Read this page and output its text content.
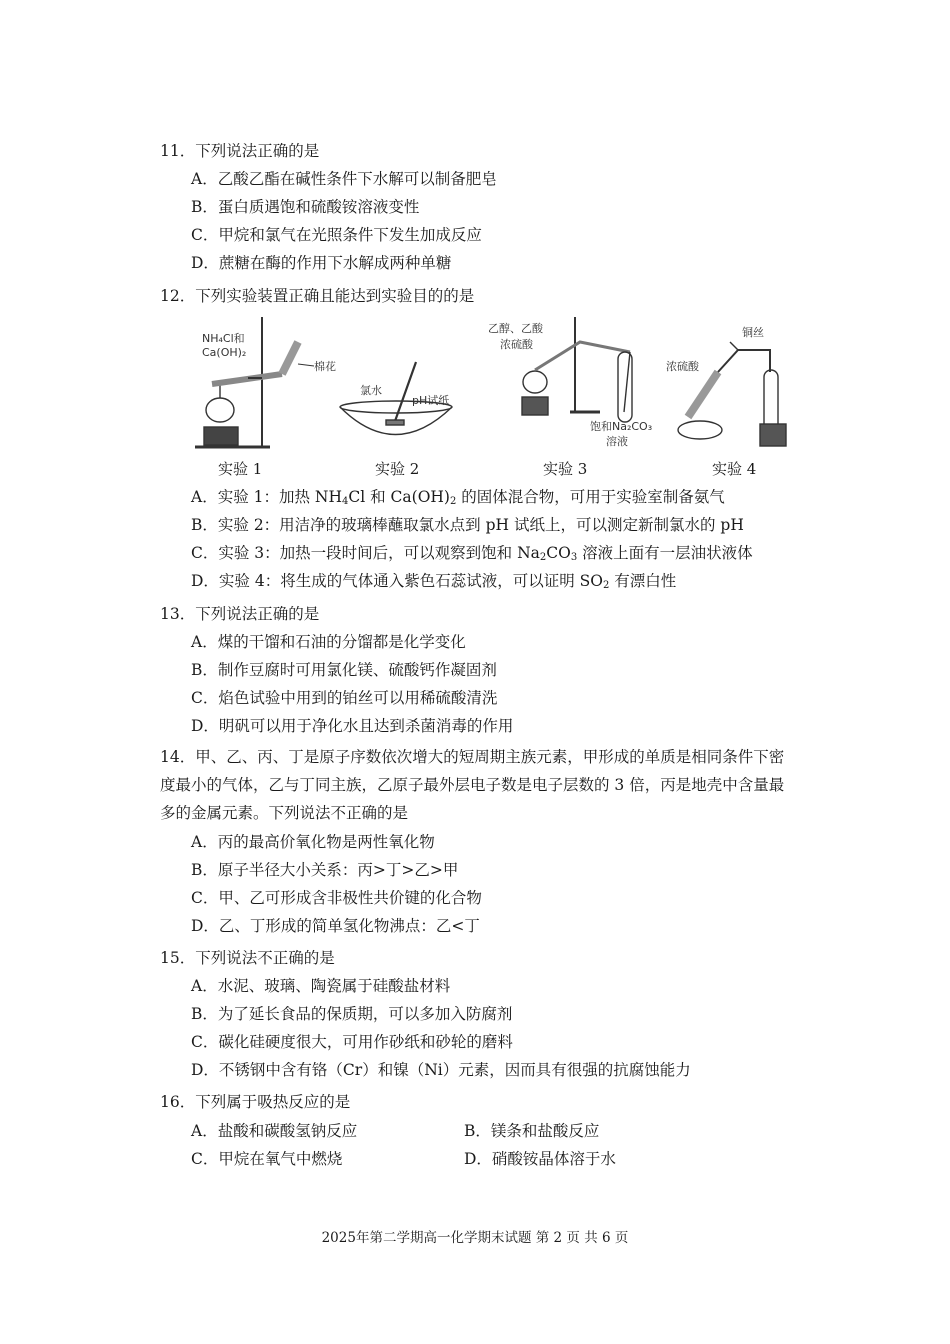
11．下列说法正确的是
A．乙酸乙酯在碱性条件下水解可以制备肥皂
B．蛋白质遇饱和硫酸铵溶液变性
C．甲烷和氯气在光照条件下发生加成反应
D．蔗糖在酶的作用下水解成两种单糖
12．下列实验装置正确且能达到实验目的的是
NH₄Cl和
Ca(OH)₂
棉花
氯水
pH试纸
乙醇、乙酸
浓硫酸
饱和Na₂CO₃
溶液
浓硫酸
铜丝
实验 1	实验 2	实验 3	实验 4
A．实验 1：加热 $NH_4Cl$ 和 $Ca(OH)_2$ 的固体混合物，可用于实验室制备氨气
B．实验 2：用洁净的玻璃棒蘸取氯水点到 pH 试纸上，可以测定新制氯水的 pH
C．实验 3：加热一段时间后，可以观察到饱和 $Na_2CO_3$ 溶液上面有一层油状液体
D．实验 4：将生成的气体通入紫色石蕊试液，可以证明 $SO_2$ 有漂白性
13．下列说法正确的是
A．煤的干馏和石油的分馏都是化学变化
B．制作豆腐时可用氯化镁、硫酸钙作凝固剂
C．焰色试验中用到的铂丝可以用稀硫酸清洗
D．明矾可以用于净化水且达到杀菌消毒的作用
14．甲、乙、丙、丁是原子序数依次增大的短周期主族元素，甲形成的单质是相同条件下密
度最小的气体，乙与丁同主族，乙原子最外层电子数是电子层数的 3 倍，丙是地壳中含量最
多的金属元素。下列说法不正确的是
A．丙的最高价氧化物是两性氧化物
B．原子半径大小关系：丙>丁>乙>甲
C．甲、乙可形成含非极性共价键的化合物
D．乙、丁形成的简单氢化物沸点：乙<丁
15．下列说法不正确的是
A．水泥、玻璃、陶瓷属于硅酸盐材料
B．为了延长食品的保质期，可以多加入防腐剂
C．碳化硅硬度很大，可用作砂纸和砂轮的磨料
D．不锈钢中含有铬（Cr）和镍（Ni）元素，因而具有很强的抗腐蚀能力
16．下列属于吸热反应的是
A．盐酸和碳酸氢钠反应	B．镁条和盐酸反应
C．甲烷在氧气中燃烧	D．硝酸铵晶体溶于水
2025年第二学期高一化学期末试题 第 2 页 共 6 页
